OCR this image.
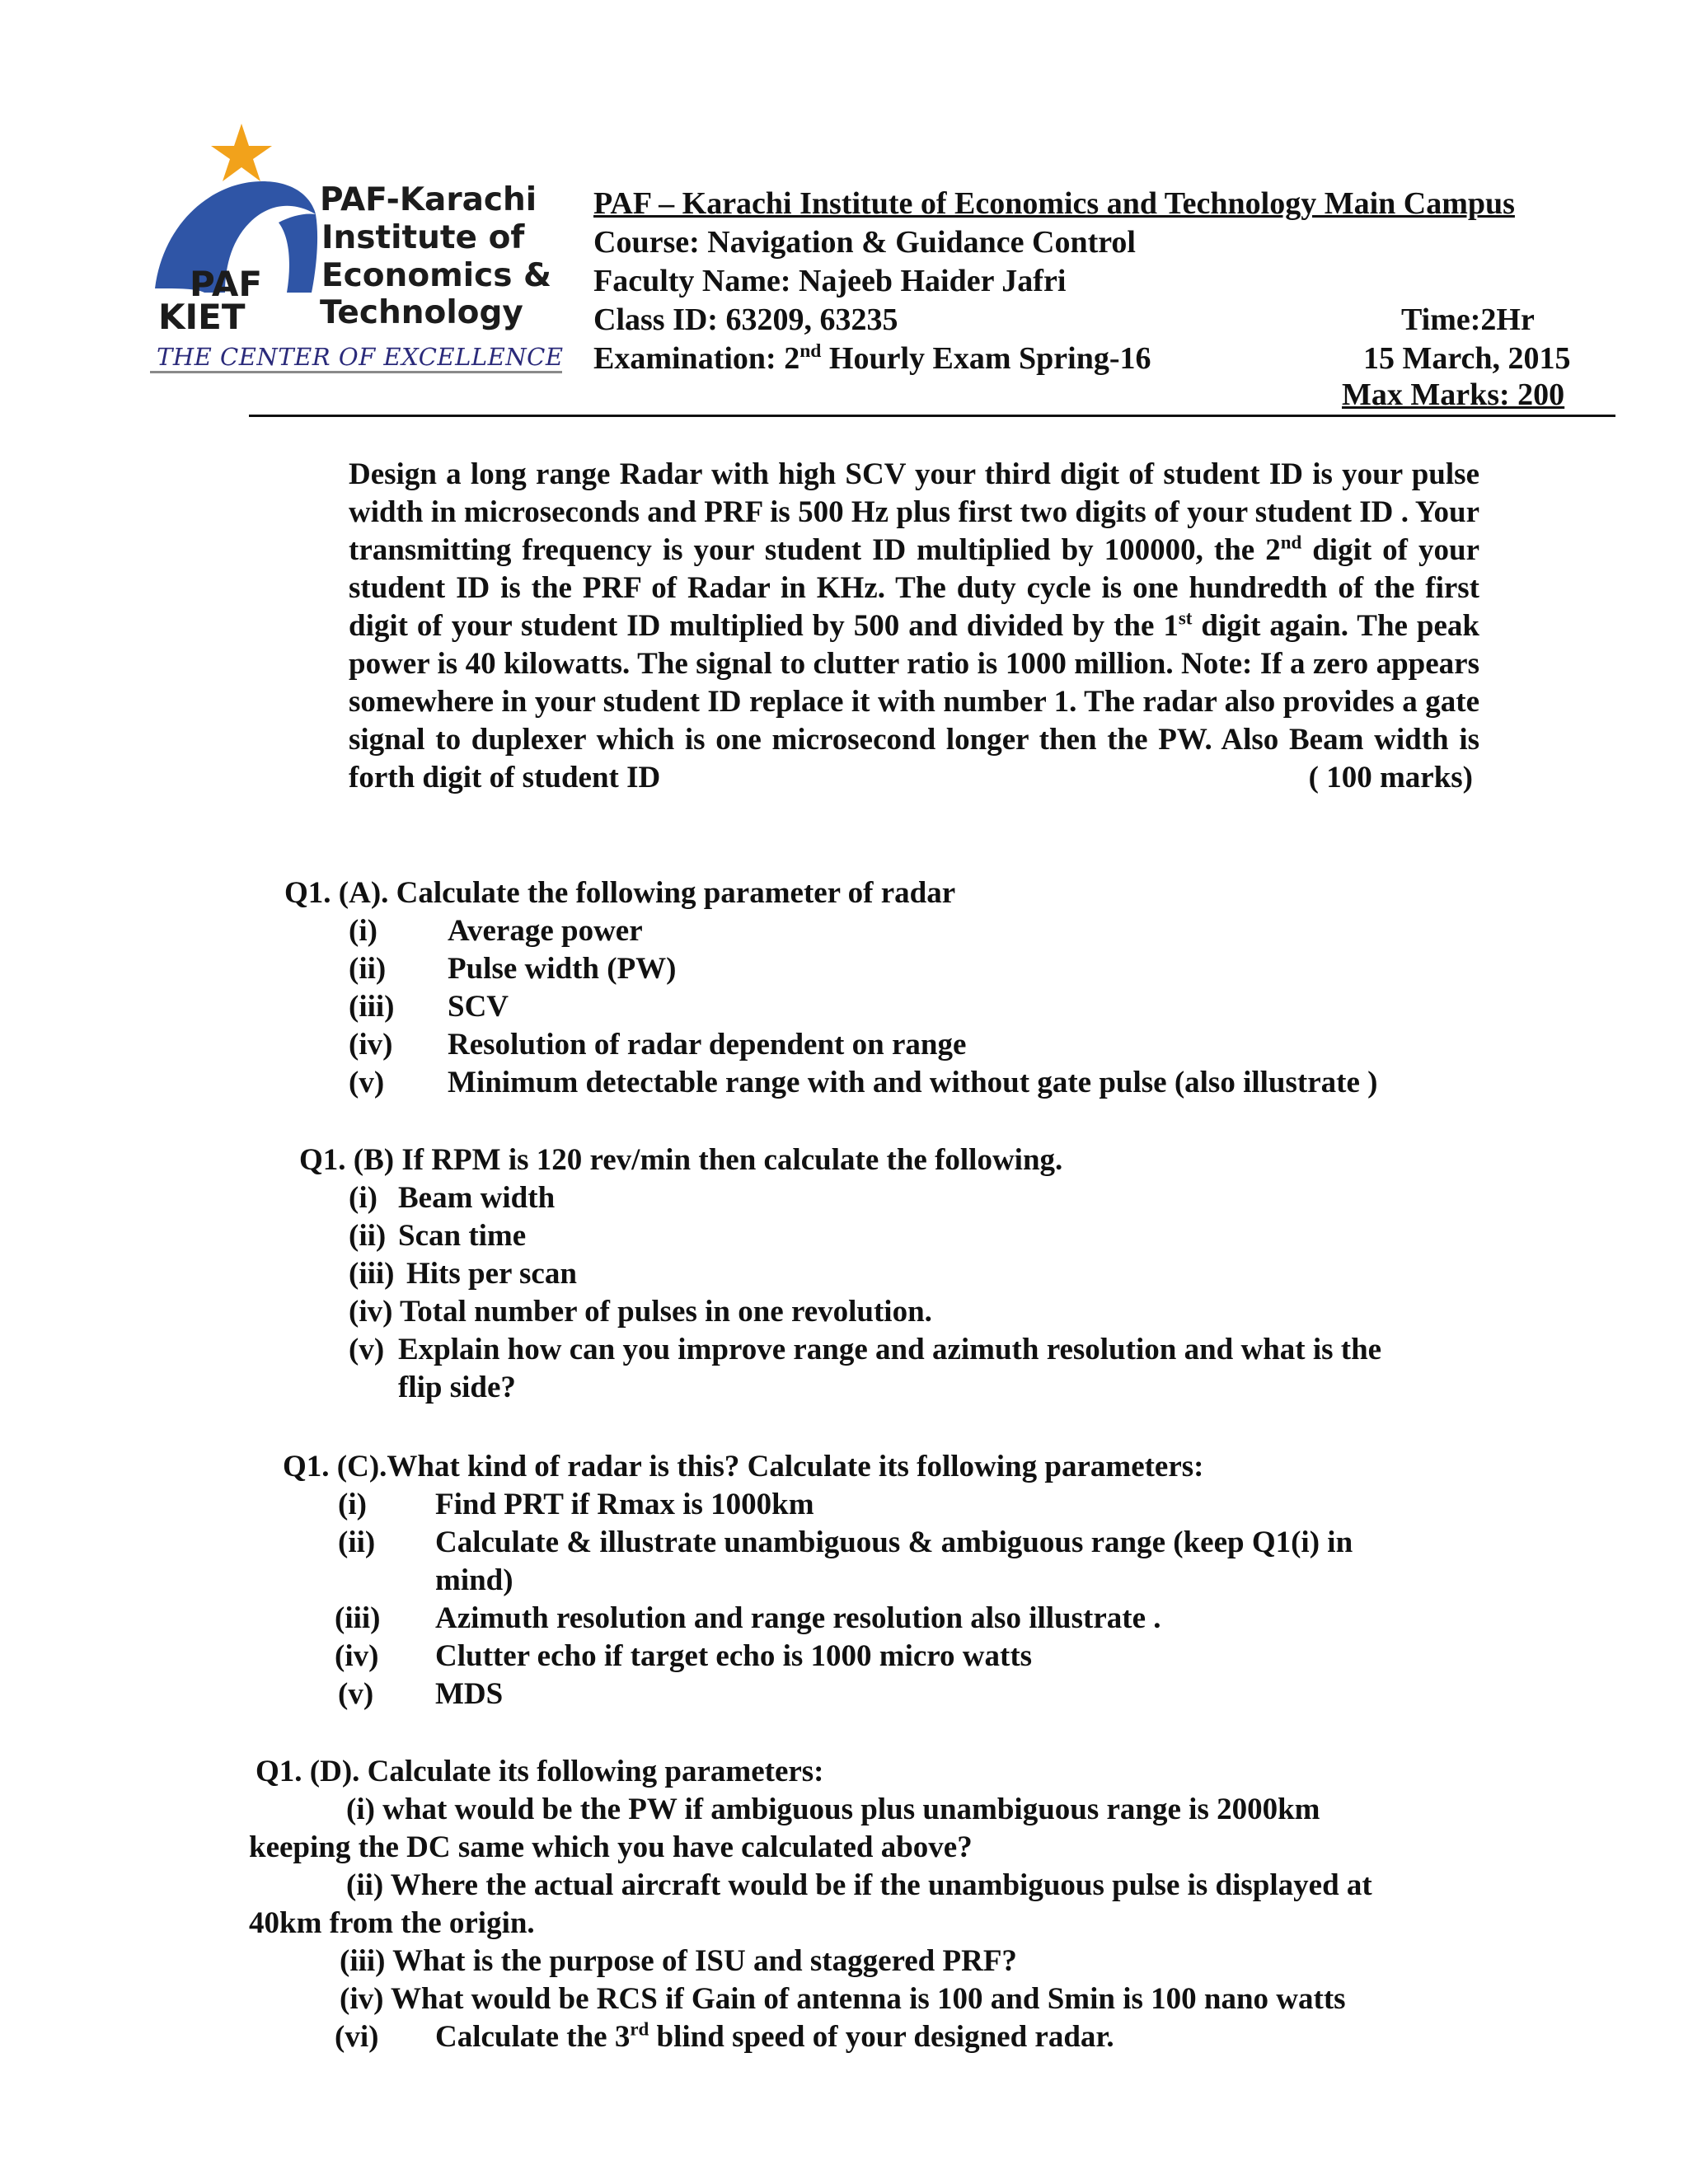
PAF-Karachi
Institute of
Economics &
Technology
PAF
KIET
THE CENTER OF EXCELLENCE
PAF – Karachi Institute of Economics and Technology Main Campus
Course: Navigation & Guidance Control
Faculty Name: Najeeb Haider Jafri
Class ID: 63209, 63235	Time:2Hr
Examination: 2nd Hourly Exam Spring-16	15 March, 2015
Max Marks: 200
Design a long range Radar with high SCV your third digit of student ID is your pulse width in microseconds and PRF is 500 Hz plus first two digits of your student ID . Your transmitting frequency is your student ID multiplied by 100000, the 2nd digit of your student ID is the PRF of Radar in KHz. The duty cycle is one hundredth of the first digit of your student ID multiplied by 500 and divided by the 1st digit again. The peak power is 40 kilowatts. The signal to clutter ratio is 1000 million. Note: If a zero appears somewhere in your student ID replace it with number 1. The radar also provides a gate signal to duplexer which is one microsecond longer then the PW. Also Beam width is forth digit of student ID	( 100 marks)
Q1. (A). Calculate the following parameter of radar
(i) Average power
(ii) Pulse width (PW)
(iii) SCV
(iv) Resolution of radar dependent on range
(v) Minimum detectable range with and without gate pulse (also illustrate )
Q1. (B) If RPM is 120 rev/min then calculate the following.
(i) Beam width
(ii) Scan time
(iii) Hits per scan
(iv) Total number of pulses in one revolution.
(v) Explain how can you improve range and azimuth resolution and what is the
flip side?
Q1. (C).What kind of radar is this? Calculate its following parameters:
(i) Find PRT if Rmax is 1000km
(ii) Calculate & illustrate unambiguous & ambiguous range (keep Q1(i) in
mind)
(iii) Azimuth resolution and range resolution also illustrate .
(iv) Clutter echo if target echo is 1000 micro watts
(v) MDS
Q1. (D). Calculate its following parameters:
(i) what would be the PW if ambiguous plus unambiguous range is 2000km
keeping the DC same which you have calculated above?
(ii) Where the actual aircraft would be if the unambiguous pulse is displayed at
40km from the origin.
(iii) What is the purpose of ISU and staggered PRF?
(iv) What would be RCS if Gain of antenna is 100 and Smin is 100 nano watts
(vi) Calculate the 3rd blind speed of your designed radar.
